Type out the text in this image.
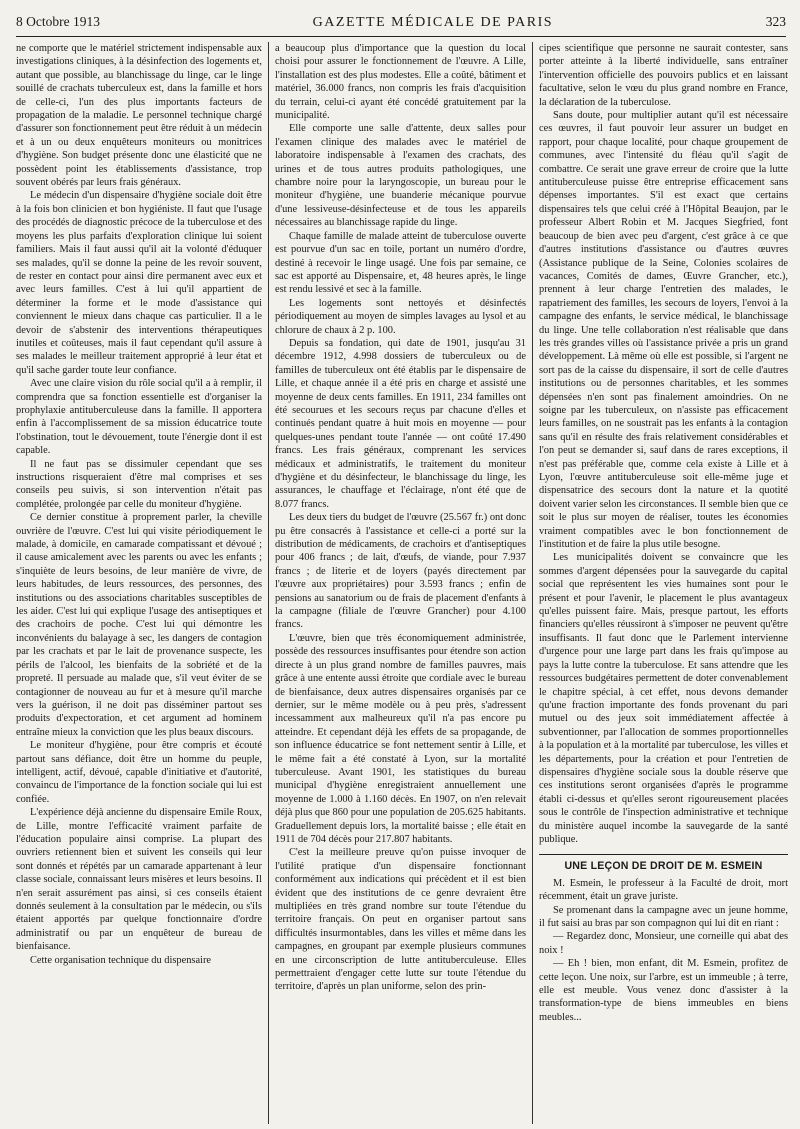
8 Octobre 1913	GAZETTE MÉDICALE DE PARIS	323

ne comporte que le matériel strictement indispensable aux investigations cliniques, à la désinfection des logements et, autant que possible, au blanchissage du linge, car le linge souillé de crachats tuberculeux est, dans la famille et hors de celle-ci, l'un des plus importants facteurs de propagation de la maladie. Le personnel technique chargé d'assurer son fonctionnement peut être réduit à un médecin et à un ou deux enquêteurs moniteurs ou monitrices d'hygiène. Son budget présente donc une élasticité que ne possèdent point les établissements d'assistance, trop souvent obérés par leurs frais généraux.

Le médecin d'un dispensaire d'hygiène sociale doit être à la fois bon clinicien et bon hygiéniste. Il faut que l'usage des procédés de diagnostic précoce de la tuberculose et des moyens les plus parfaits d'exploration clinique lui soient familiers. Mais il faut aussi qu'il ait la volonté d'éduquer ses malades, qu'il se donne la peine de les revoir souvent, de rester en contact pour ainsi dire permanent avec eux et avec leurs familles. C'est à lui qu'il appartient de déterminer la forme et le mode d'assistance qui conviennent le mieux dans chaque cas particulier. Il a le devoir de s'abstenir des interventions thérapeutiques inutiles et coûteuses, mais il faut cependant qu'il assure à ses malades le meilleur traitement approprié à leur état et qu'il sache garder toute leur confiance.

Avec une claire vision du rôle social qu'il a à remplir, il comprendra que sa fonction essentielle est d'organiser la prophylaxie antituberculeuse dans la famille. Il apportera enfin à l'accomplissement de sa mission éducatrice toute l'obstination, tout le dévouement, toute l'énergie dont il est capable.

Il ne faut pas se dissimuler cependant que ses instructions risqueraient d'être mal comprises et ses conseils peu suivis, si son intervention n'était pas complétée, prolongée par celle du moniteur d'hygiène.

Ce dernier constitue à proprement parler, la cheville ouvrière de l'œuvre. C'est lui qui visite périodiquement le malade, à domicile, en camarade compatissant et dévoué ; il cause amicalement avec les parents ou avec les enfants ; s'inquiète de leurs besoins, de leur manière de vivre, de leurs habitudes, de leurs ressources, des personnes, des institutions ou des associations charitables susceptibles de les aider. C'est lui qui explique l'usage des antiseptiques et des crachoirs de poche. C'est lui qui démontre les inconvénients du balayage à sec, les dangers de contagion par les crachats et par le lait de provenance suspecte, les périls de l'alcool, les bienfaits de la sobriété et de la propreté. Il persuade au malade que, s'il veut éviter de se contagionner de nouveau au fur et à mesure qu'il marche vers la guérison, il ne doit pas disséminer partout ses produits d'expectoration, et cet argument ad hominem entraîne mieux la conviction que les plus beaux discours.

Le moniteur d'hygiène, pour être compris et écouté partout sans défiance, doit être un homme du peuple, intelligent, actif, dévoué, capable d'initiative et d'autorité, convaincu de l'importance de la fonction sociale qui lui est confiée.

L'expérience déjà ancienne du dispensaire Emile Roux, de Lille, montre l'efficacité vraiment parfaite de l'éducation populaire ainsi comprise. La plupart des ouvriers retiennent bien et suivent les conseils qui leur sont donnés et répétés par un camarade appartenant à leur classe sociale, connaissant leurs misères et leurs besoins. Il n'en serait assurément pas ainsi, si ces conseils étaient donnés seulement à la consultation par le médecin, ou s'ils étaient apportés par quelque fonctionnaire d'ordre administratif ou par un enquêteur de bureau de bienfaisance.

Cette organisation technique du dispensaire

a beaucoup plus d'importance que la question du local choisi pour assurer le fonctionnement de l'œuvre. A Lille, l'installation est des plus modestes. Elle a coûté, bâtiment et matériel, 36.000 francs, non compris les frais d'acquisition du terrain, celui-ci ayant été concédé gratuitement par la municipalité.

Elle comporte une salle d'attente, deux salles pour l'examen clinique des malades avec le matériel de laboratoire indispensable à l'examen des crachats, des urines et de tous autres produits pathologiques, une chambre noire pour la laryngoscopie, un bureau pour le moniteur d'hygiène, une buanderie mécanique pourvue d'une lessiveuse-désinfecteuse et de tous les appareils nécessaires au blanchissage rapide du linge.

Chaque famille de malade atteint de tuberculose ouverte est pourvue d'un sac en toile, portant un numéro d'ordre, destiné à recevoir le linge usagé. Une fois par semaine, ce sac est apporté au Dispensaire, et, 48 heures après, le linge est rendu lessivé et sec à la famille.

Les logements sont nettoyés et désinfectés périodiquement au moyen de simples lavages au lysol et au chlorure de chaux à 2 p. 100.

Depuis sa fondation, qui date de 1901, jusqu'au 31 décembre 1912, 4.998 dossiers de tuberculeux ou de familles de tuberculeux ont été établis par le dispensaire de Lille, et chaque année il a été pris en charge et assisté une moyenne de deux cents familles. En 1911, 234 familles ont été secourues et les secours reçus par chacune d'elles et continués pendant quatre à huit mois en moyenne — pour quelques-unes pendant toute l'année — ont coûté 17.490 francs. Les frais généraux, comprenant les services médicaux et administratifs, le traitement du moniteur d'hygiène et du désinfecteur, le blanchissage du linge, les assurances, le chauffage et l'éclairage, n'ont été que de 8.077 francs.

Les deux tiers du budget de l'œuvre (25.567 fr.) ont donc pu être consacrés à l'assistance et celle-ci a porté sur la distribution de médicaments, de crachoirs et d'antiseptiques pour 406 francs ; de lait, d'œufs, de viande, pour 7.937 francs ; de literie et de loyers (payés directement par l'œuvre aux propriétaires) pour 3.593 francs ; enfin de pensions au sanatorium ou de frais de placement d'enfants à la campagne (filiale de l'œuvre Grancher) pour 4.100 francs.

L'œuvre, bien que très économiquement administrée, possède des ressources insuffisantes pour étendre son action directe à un plus grand nombre de familles pauvres, mais grâce à une entente aussi étroite que cordiale avec le bureau de bienfaisance, deux autres dispensaires organisés par ce dernier, sur le même modèle ou à peu près, s'adressent incessamment aux malheureux qu'il n'a pas encore pu atteindre. Et cependant déjà les effets de sa propagande, de son influence éducatrice se font nettement sentir à Lille, et le même fait a été constaté à Lyon, sur la mortalité tuberculeuse. Avant 1901, les statistiques du bureau municipal d'hygiène enregistraient annuellement une moyenne de 1.000 à 1.160 décès. En 1907, on n'en relevait déjà plus que 860 pour une population de 205.625 habitants. Graduellement depuis lors, la mortalité baisse ; elle était en 1911 de 704 décès pour 217.807 habitants.

C'est la meilleure preuve qu'on puisse invoquer de l'utilité pratique d'un dispensaire fonctionnant conformément aux indications qui précèdent et il est bien évident que des institutions de ce genre devraient être multipliées en très grand nombre sur toute l'étendue du territoire français. On peut en organiser partout sans difficultés insurmontables, dans les villes et même dans les campagnes, en groupant par exemple plusieurs communes en une circonscription de lutte antituberculeuse. Elles permettraient d'engager cette lutte sur toute l'étendue du territoire, d'après un plan uniforme, selon des prin-

cipes scientifique que personne ne saurait contester, sans porter atteinte à la liberté individuelle, sans entraîner l'intervention officielle des pouvoirs publics et en laissant facultative, selon le vœu du plus grand nombre en France, la déclaration de la tuberculose.

Sans doute, pour multiplier autant qu'il est nécessaire ces œuvres, il faut pouvoir leur assurer un budget en rapport, pour chaque localité, pour chaque groupement de communes, avec l'intensité du fléau qu'il s'agit de combattre. Ce serait une grave erreur de croire que la lutte antituberculeuse puisse être entreprise efficacement sans dépenses importantes. S'il est exact que certains dispensaires tels que celui créé à l'Hôpital Beaujon, par le professeur Albert Robin et M. Jacques Siegfried, font beaucoup de bien avec peu d'argent, c'est grâce à ce que d'autres institutions d'assistance ou d'autres œuvres (Assistance publique de la Seine, Colonies scolaires de vacances, Comités de dames, Œuvre Grancher, etc.), prennent à leur charge l'entretien des malades, le rapatriement des familles, les secours de loyers, l'envoi à la campagne des enfants, le service médical, le blanchissage du linge. Une telle collaboration n'est réalisable que dans les très grandes villes où l'assistance privée a pris un grand développement. Là même où elle est possible, si l'argent ne sort pas de la caisse du dispensaire, il sort de celle d'autres institutions ou de personnes charitables, et les sommes dépensées n'en sont pas finalement amoindries. On ne soigne par les tuberculeux, on n'assiste pas efficacement leurs familles, on ne soustrait pas les enfants à la contagion sans qu'il en résulte des frais relativement considérables et l'on peut se demander si, sauf dans de rares exceptions, il n'est pas préférable que, comme cela existe à Lille et à Lyon, l'œuvre antituberculeuse soit elle-même juge et dispensatrice des secours dont la nature et la quotité doivent varier selon les circonstances. Il semble bien que ce soit le plus sur moyen de réaliser, toutes les économies vraiment compatibles avec le bon fonctionnement de l'institution et de faire la plus utile besogne.

Les municipalités doivent se convaincre que les sommes d'argent dépensées pour la sauvegarde du capital social que représentent les vies humaines sont pour le présent et pour l'avenir, le placement le plus avantageux qu'elles puissent faire. Mais, presque partout, les efforts financiers qu'elles réussiront à s'imposer ne peuvent qu'être insuffisants. Il faut donc que le Parlement intervienne d'urgence pour une large part dans les frais qu'impose au pays la lutte contre la tuberculose. Et sans attendre que les ressources budgétaires permettent de doter convenablement le chapitre spécial, à cet effet, nous devons demander qu'une fraction importante des fonds provenant du pari mutuel ou des jeux soit immédiatement affectée à subventionner, par l'allocation de sommes proportionnelles à la population et à la mortalité par tuberculose, les villes et les départements, pour la création et pour l'entretien de dispensaires d'hygiène sociale sous la double réserve que ces institutions seront organisées d'après le programme établi ci-dessus et qu'elles seront rigoureusement placées sous le contrôle de l'inspection administrative et technique du ministère auquel incombe la sauvegarde de la santé publique.

UNE LEÇON DE DROIT DE M. ESMEIN

M. Esmein, le professeur à la Faculté de droit, mort récemment, était un grave juriste.

Se promenant dans la campagne avec un jeune homme, il fut saisi au bras par son compagnon qui lui dit en riant :

— Regardez donc, Monsieur, une corneille qui abat des noix !

— Eh ! bien, mon enfant, dit M. Esmein, profitez de cette leçon. Une noix, sur l'arbre, est un immeuble ; à terre, elle est meuble. Vous venez donc d'assister à la transformation-type de biens immeubles en biens meubles...
